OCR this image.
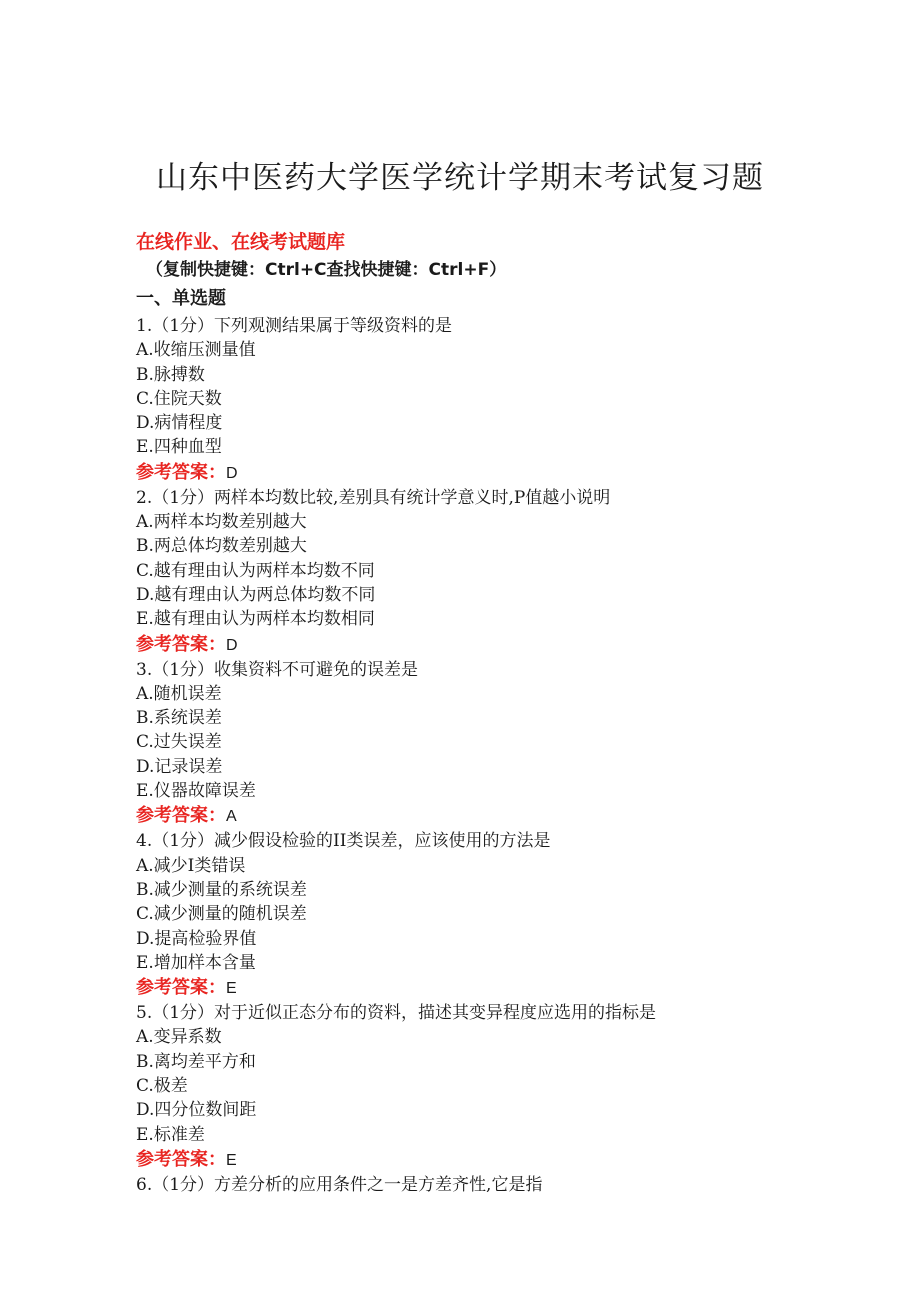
山东中医药大学医学统计学期末考试复习题
在线作业、在线考试题库
（复制快捷键：Ctrl+C查找快捷键：Ctrl+F）
一、单选题
1.（1分）下列观测结果属于等级资料的是
A.收缩压测量值
B.脉搏数
C.住院天数
D.病情程度
E.四种血型
参考答案：D
2.（1分）两样本均数比较,差别具有统计学意义时,P值越小说明
A.两样本均数差别越大
B.两总体均数差别越大
C.越有理由认为两样本均数不同
D.越有理由认为两总体均数不同
E.越有理由认为两样本均数相同
参考答案：D
3.（1分）收集资料不可避免的误差是
A.随机误差
B.系统误差
C.过失误差
D.记录误差
E.仪器故障误差
参考答案：A
4.（1分）减少假设检验的II类误差，应该使用的方法是
A.减少I类错误
B.减少测量的系统误差
C.减少测量的随机误差
D.提高检验界值
E.增加样本含量
参考答案：E
5.（1分）对于近似正态分布的资料，描述其变异程度应选用的指标是
A.变异系数
B.离均差平方和
C.极差
D.四分位数间距
E.标准差
参考答案：E
6.（1分）方差分析的应用条件之一是方差齐性,它是指
